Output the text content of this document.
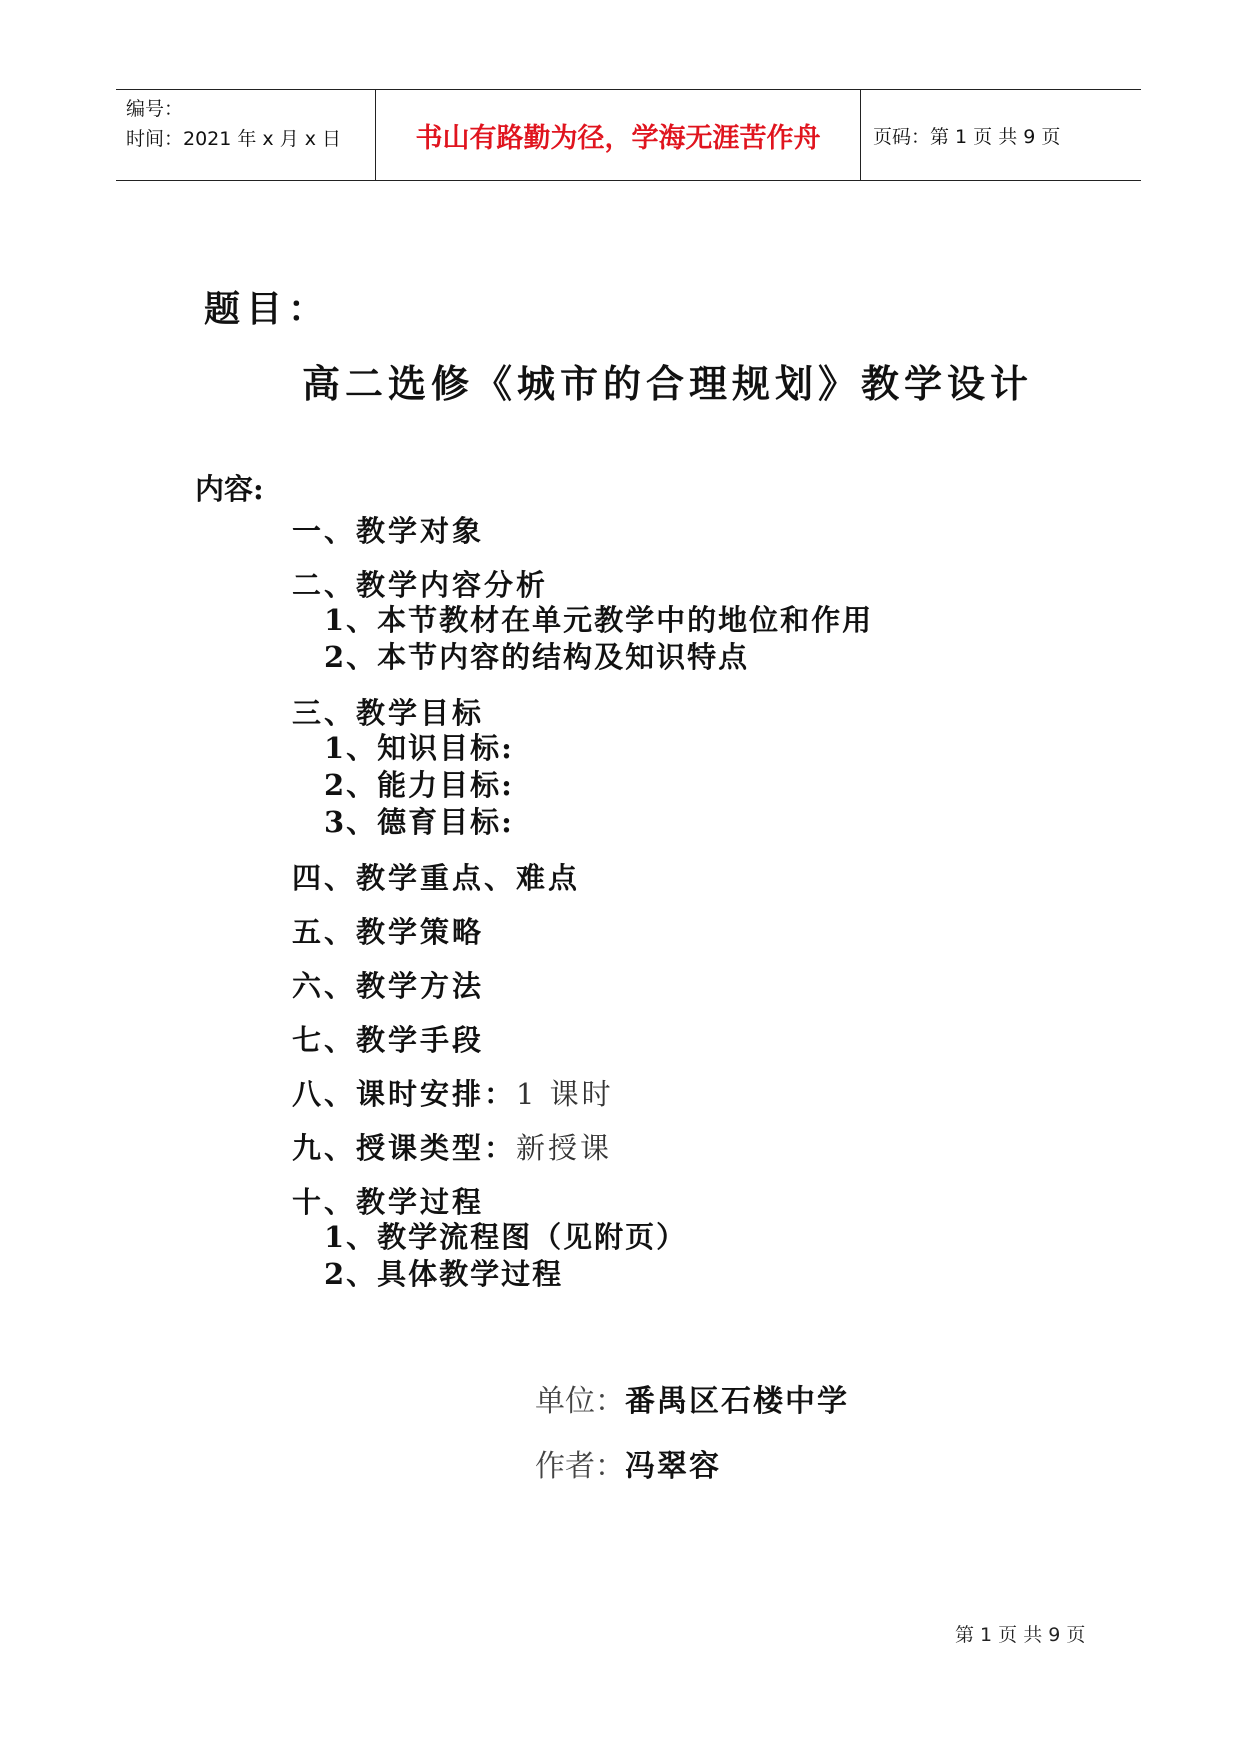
编号：
时间：2021 年 x 月 x 日	书山有路勤为径，学海无涯苦作舟	页码：第 1 页 共 9 页
题目：
高二选修《城市的合理规划》教学设计
内容:
一、教学对象
二、教学内容分析
1、本节教材在单元教学中的地位和作用
2、本节内容的结构及知识特点
三、教学目标
1、知识目标:
2、能力目标:
3、德育目标:
四、教学重点、难点
五、教学策略
六、教学方法
七、教学手段
八、课时安排：1 课时
九、授课类型：新授课
十、教学过程
1、教学流程图（见附页）
2、具体教学过程
单位：番禺区石楼中学
作者：冯翠容
第 1 页 共 9 页
